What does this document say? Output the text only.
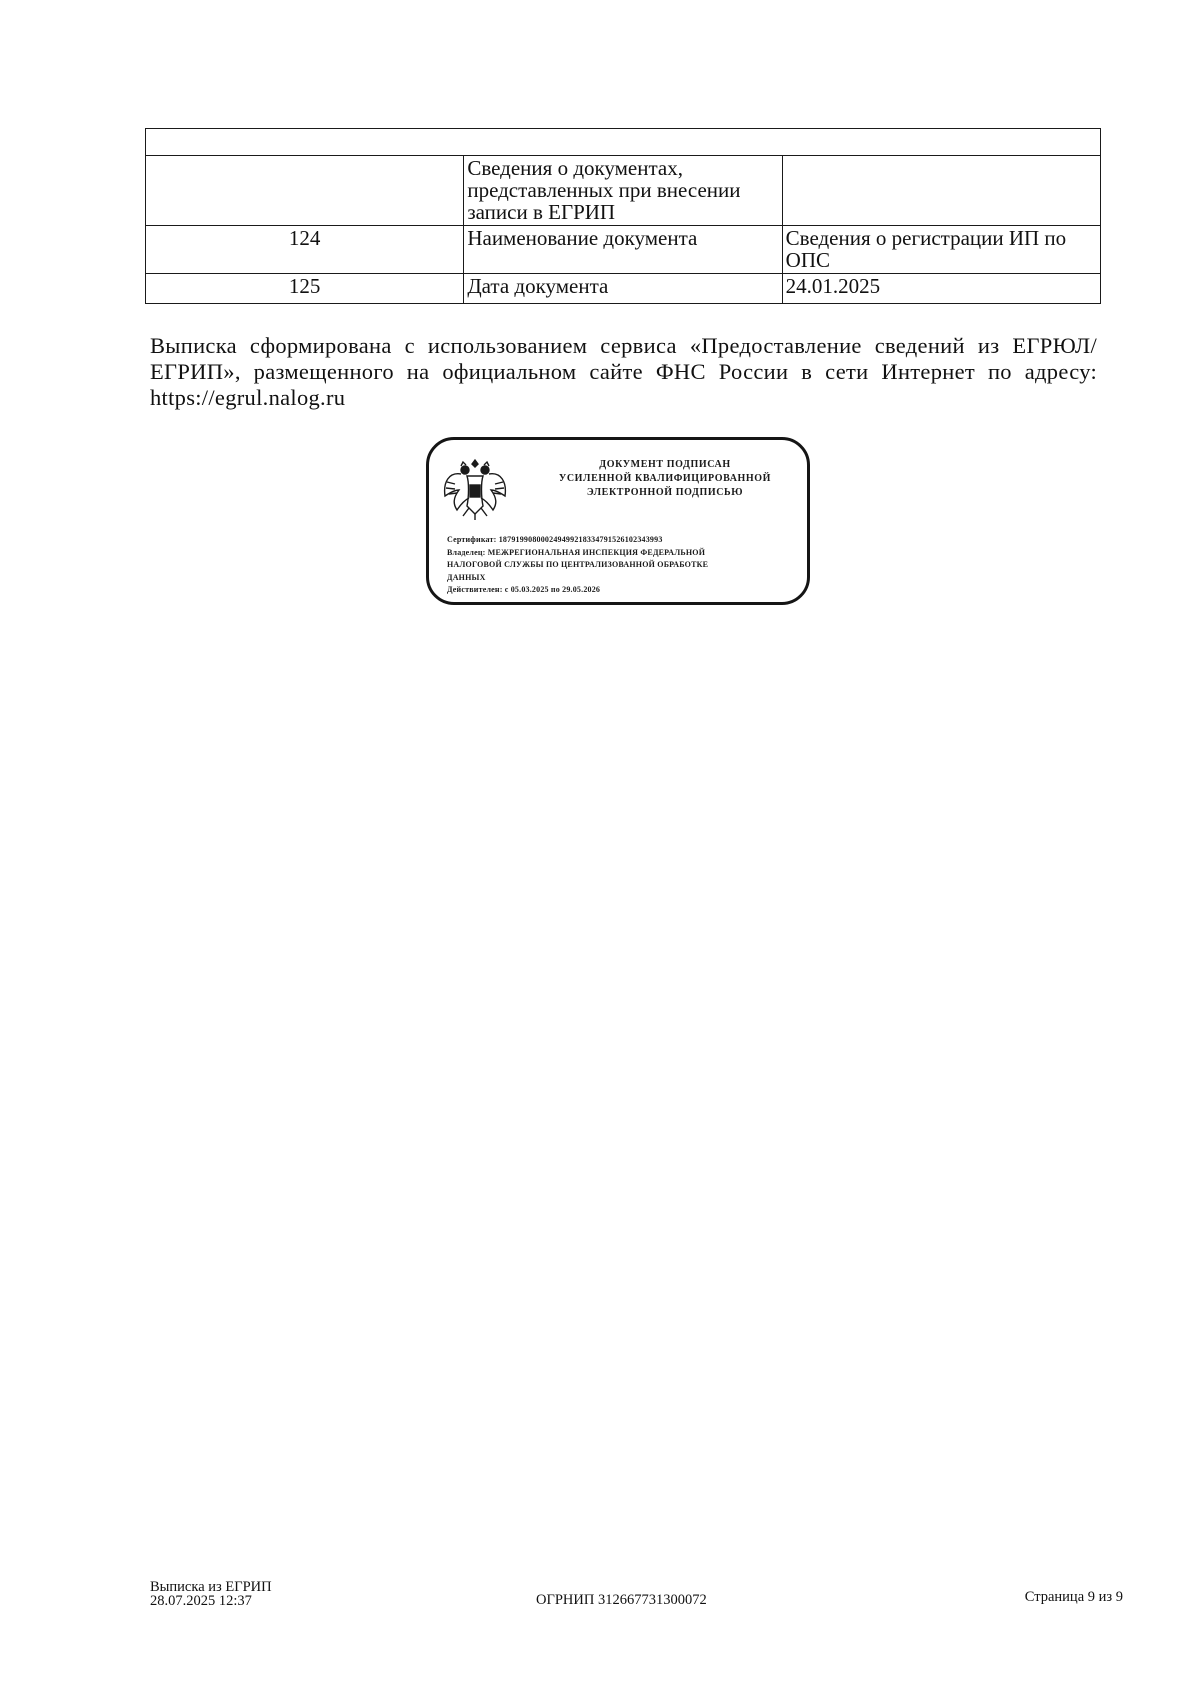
	Сведения о документах, представленных при внесении записи в ЕГРИП	
124	Наименование документа	Сведения о регистрации ИП по ОПС
125	Дата документа	24.01.2025

Выписка сформирована с использованием сервиса «Предоставление сведений из ЕГРЮЛ/ЕГРИП», размещенного на официальном сайте ФНС России в сети Интернет по адресу: https://egrul.nalog.ru

ДОКУМЕНТ ПОДПИСАН
УСИЛЕННОЙ КВАЛИФИЦИРОВАННОЙ
ЭЛЕКТРОННОЙ ПОДПИСЬЮ
Сертификат: 187919908000249499218334791526102343993
Владелец: МЕЖРЕГИОНАЛЬНАЯ ИНСПЕКЦИЯ ФЕДЕРАЛЬНОЙ
НАЛОГОВОЙ СЛУЖБЫ ПО ЦЕНТРАЛИЗОВАННОЙ ОБРАБОТКЕ
ДАННЫХ
Действителен: с 05.03.2025 по 29.05.2026
Выписка из ЕГРИП
28.07.2025 12:37	ОГРНИП 312667731300072	Страница 9 из 9
